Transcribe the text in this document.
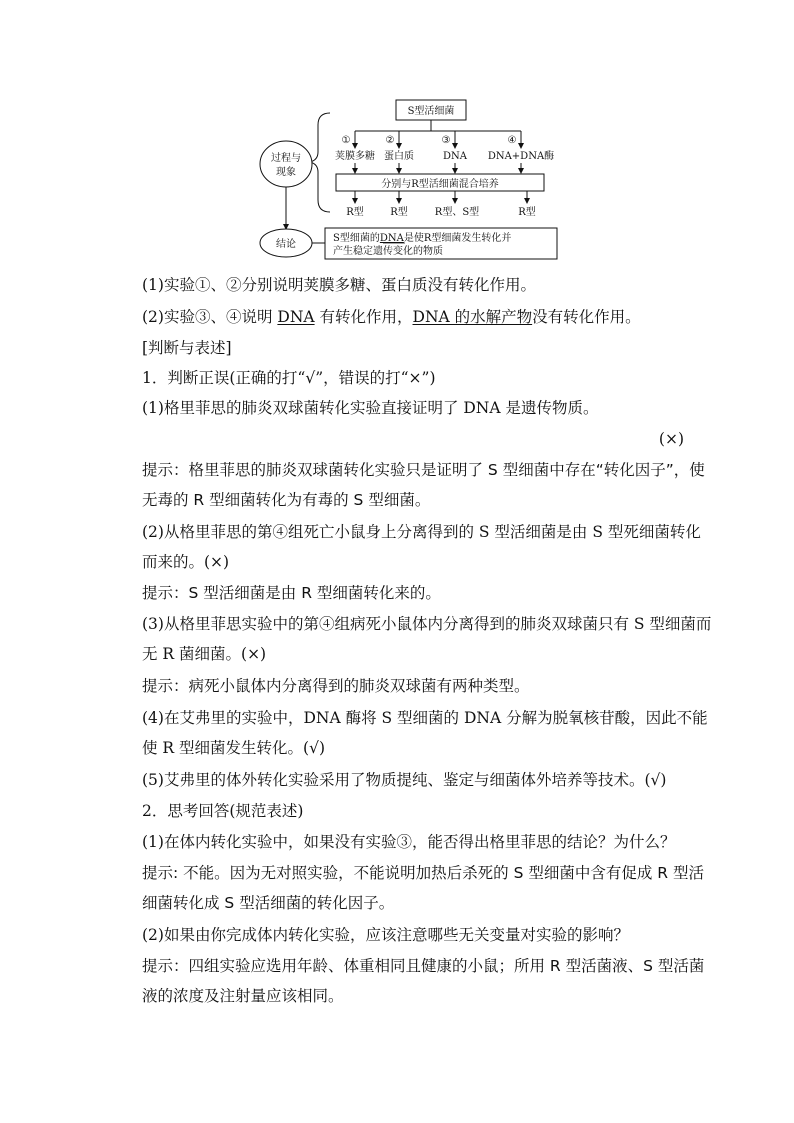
S型活细菌
①	②	③	④
荚膜多糖 蛋白质	DNA DNA+DNA酶
分别与R型活细菌混合培养
R型	R型	R型、S型	R型
过程与
现象
结论
S型细菌的DNA是使R型细菌发生转化并
产生稳定遗传变化的物质

(1)实验①、②分别说明荚膜多糖、蛋白质没有转化作用。

(2)实验③、④说明 DNA 有转化作用，DNA 的水解产物没有转化作用。

[判断与表述]

1．判断正误(正确的打“√”，错误的打“×”)

(1)格里菲思的肺炎双球菌转化实验直接证明了 DNA 是遗传物质。

(×)

提示：格里菲思的肺炎双球菌转化实验只是证明了 S 型细菌中存在“转化因子”，使无毒的 R 型细菌转化为有毒的 S 型细菌。

(2)从格里菲思的第④组死亡小鼠身上分离得到的 S 型活细菌是由 S 型死细菌转化而来的。(×)

提示：S 型活细菌是由 R 型细菌转化来的。

(3)从格里菲思实验中的第④组病死小鼠体内分离得到的肺炎双球菌只有 S 型细菌而无 R 菌细菌。(×)

提示：病死小鼠体内分离得到的肺炎双球菌有两种类型。

(4)在艾弗里的实验中，DNA 酶将 S 型细菌的 DNA 分解为脱氧核苷酸，因此不能使 R 型细菌发生转化。(√)

(5)艾弗里的体外转化实验采用了物质提纯、鉴定与细菌体外培养等技术。(√)

2．思考回答(规范表述)

(1)在体内转化实验中，如果没有实验③，能否得出格里菲思的结论？为什么？

提示: 不能。因为无对照实验，不能说明加热后杀死的 S 型细菌中含有促成 R 型活细菌转化成 S 型活细菌的转化因子。

(2)如果由你完成体内转化实验，应该注意哪些无关变量对实验的影响？

提示：四组实验应选用年龄、体重相同且健康的小鼠；所用 R 型活菌液、S 型活菌液的浓度及注射量应该相同。
